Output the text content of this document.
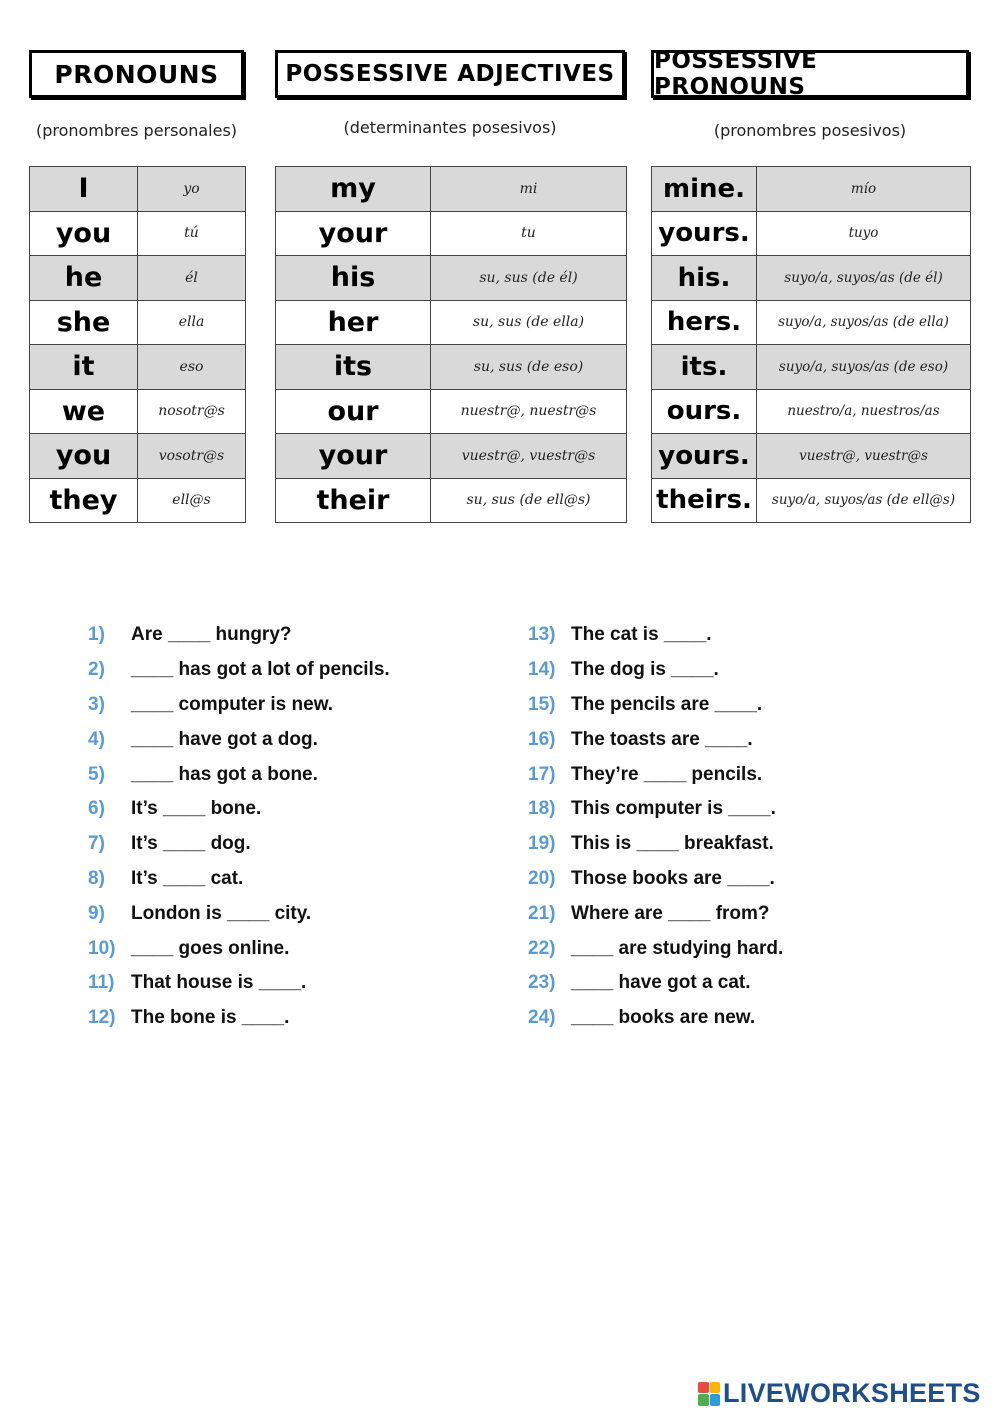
PRONOUNS	POSSESSIVE ADJECTIVES	POSSESSIVE PRONOUNS
(pronombres personales)	(determinantes posesivos)	(pronombres posesivos)
I	yo
you	tú
he	él
she	ella
it	eso
we	nosotr@s
you	vosotr@s
they	ell@s
my	mi
your	tu
his	su, sus (de él)
her	su, sus (de ella)
its	su, sus (de eso)
our	nuestr@, nuestr@s
your	vuestr@, vuestr@s
their	su, sus (de ell@s)
mine.	mío
yours.	tuyo
his.	suyo/a, suyos/as (de él)
hers.	suyo/a, suyos/as (de ella)
its.	suyo/a, suyos/as (de eso)
ours.	nuestro/a, nuestros/as
yours.	vuestr@, vuestr@s
theirs.	suyo/a, suyos/as (de ell@s)
1)	Are ____ hungry?
2)	____ has got a lot of pencils.
3)	____ computer is new.
4)	____ have got a dog.
5)	____ has got a bone.
6)	It’s ____ bone.
7)	It’s ____ dog.
8)	It’s ____ cat.
9)	London is ____ city.
10) ____ goes online.
11) That house is ____.
12) The bone is ____.
13) The cat is ____.
14) The dog is ____.
15) The pencils are ____.
16) The toasts are ____.
17) They’re ____ pencils.
18) This computer is ____.
19) This is ____ breakfast.
20) Those books are ____.
21) Where are ____ from?
22) ____ are studying hard.
23) ____ have got a cat.
24) ____ books are new.
LIVEWORKSHEETS
